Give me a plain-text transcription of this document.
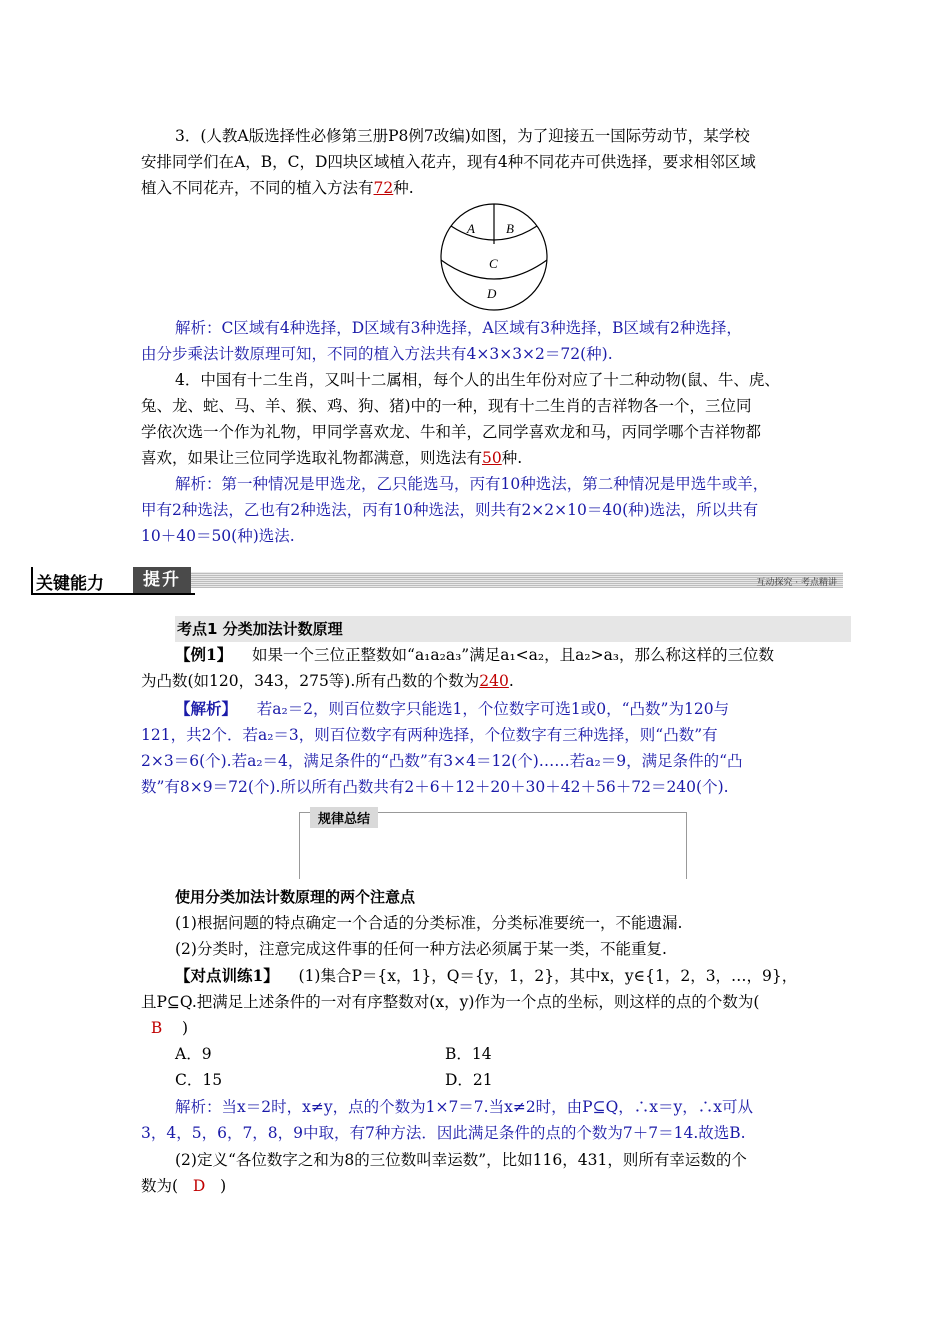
3．(人教A版选择性必修第三册P8例7改编)如图，为了迎接五一国际劳动节，某学校
安排同学们在A，B，C，D四块区域植入花卉，现有4种不同花卉可供选择，要求相邻区域
植入不同花卉，不同的植入方法有72种.
A B
C
D
解析：C区域有4种选择，D区域有3种选择，A区域有3种选择，B区域有2种选择，
由分步乘法计数原理可知，不同的植入方法共有4×3×3×2＝72(种).
4．中国有十二生肖，又叫十二属相，每个人的出生年份对应了十二种动物(鼠、牛、虎、
兔、龙、蛇、马、羊、猴、鸡、狗、猪)中的一种，现有十二生肖的吉祥物各一个，三位同
学依次选一个作为礼物，甲同学喜欢龙、牛和羊，乙同学喜欢龙和马，丙同学哪个吉祥物都
喜欢，如果让三位同学选取礼物都满意，则选法有50种.
解析：第一种情况是甲选龙，乙只能选马，丙有10种选法，第二种情况是甲选牛或羊，
甲有2种选法，乙也有2种选法，丙有10种选法，则共有2×2×10＝40(种)选法，所以共有
10＋40＝50(种)选法.
关键能力	提升	互动探究 · 考点精讲
考点1 分类加法计数原理
【例1】 如果一个三位正整数如“a₁a₂a₃”满足a₁<a₂，且a₂>a₃，那么称这样的三位数
为凸数(如120，343，275等).所有凸数的个数为240.
【解析】 若a₂＝2，则百位数字只能选1，个位数字可选1或0，“凸数”为120与
121，共2个．若a₂＝3，则百位数字有两种选择，个位数字有三种选择，则“凸数”有
2×3＝6(个).若a₂＝4，满足条件的“凸数”有3×4＝12(个)……若a₂＝9，满足条件的“凸
数”有8×9＝72(个).所以所有凸数共有2＋6＋12＋20＋30＋42＋56＋72＝240(个).
规律总结
使用分类加法计数原理的两个注意点
(1)根据问题的特点确定一个合适的分类标准，分类标准要统一，不能遗漏.
(2)分类时，注意完成这件事的任何一种方法必须属于某一类，不能重复.
【对点训练1】 (1)集合P＝{x，1}，Q＝{y，1，2}，其中x，y∈{1，2，3，…，9}，
且P⊆Q.把满足上述条件的一对有序整数对(x，y)作为一个点的坐标，则这样的点的个数为(
B )
A．9	B．14
C．15	D．21
解析：当x＝2时，x≠y，点的个数为1×7＝7.当x≠2时，由P⊆Q，∴x＝y，∴x可从
3，4，5，6，7，8，9中取，有7种方法．因此满足条件的点的个数为7＋7＝14.故选B.
(2)定义“各位数字之和为8的三位数叫幸运数”，比如116，431，则所有幸运数的个
数为( D )
